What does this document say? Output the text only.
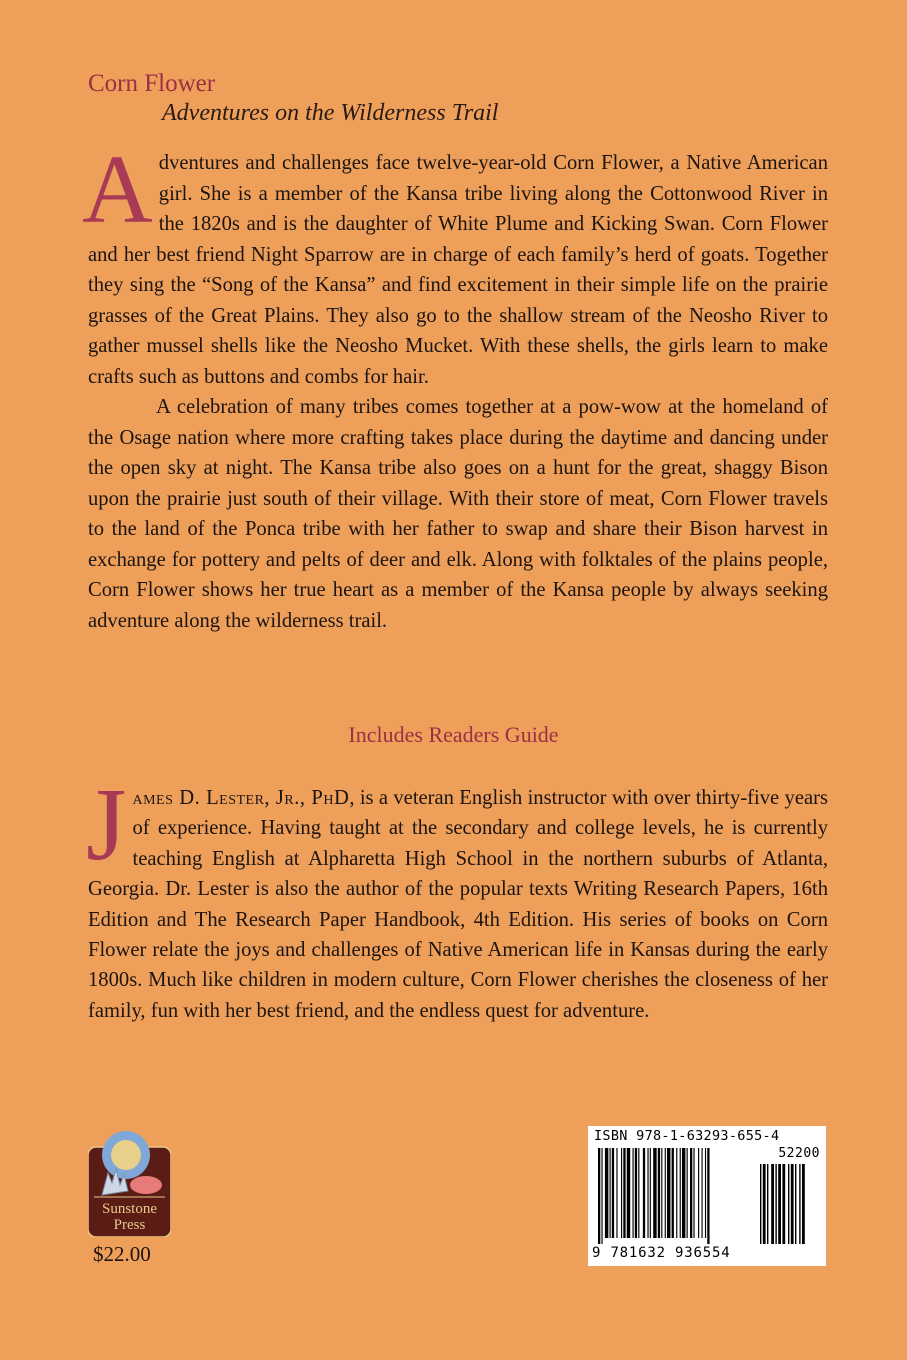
Corn Flower
Adventures on the Wilderness Trail

Adventures and challenges face twelve-year-old Corn Flower, a Native American girl. She is a member of the Kansa tribe living along the Cottonwood River in the 1820s and is the daughter of White Plume and Kicking Swan. Corn Flower and her best friend Night Sparrow are in charge of each family’s herd of goats. Together they sing the “Song of the Kansa” and find excitement in their simple life on the prairie grasses of the Great Plains. They also go to the shallow stream of the Neosho River to gather mussel shells like the Neosho Mucket. With these shells, the girls learn to make crafts such as buttons and combs for hair.

A celebration of many tribes comes together at a pow-wow at the homeland of the Osage nation where more crafting takes place during the daytime and dancing under the open sky at night. The Kansa tribe also goes on a hunt for the great, shaggy Bison upon the prairie just south of their village. With their store of meat, Corn Flower travels to the land of the Ponca tribe with her father to swap and share their Bison harvest in exchange for pottery and pelts of deer and elk. Along with folktales of the plains people, Corn Flower shows her true heart as a member of the Kansa people by always seeking adventure along the wilderness trail.

Includes Readers Guide

James D. Lester, Jr., PhD, is a veteran English instructor with over thirty-five years of experience. Having taught at the secondary and college levels, he is currently teaching English at Alpharetta High School in the northern suburbs of Atlanta, Georgia. Dr. Lester is also the author of the popular texts Writing Research Papers, 16th Edition and The Research Paper Handbook, 4th Edition. His series of books on Corn Flower relate the joys and challenges of Native American life in Kansas during the early 1800s. Much like children in modern culture, Corn Flower cherishes the closeness of her family, fun with her best friend, and the endless quest for adventure.

Sunstone
Press

$22.00

ISBN 978-1-63293-655-4
52200
9 781632 936554
